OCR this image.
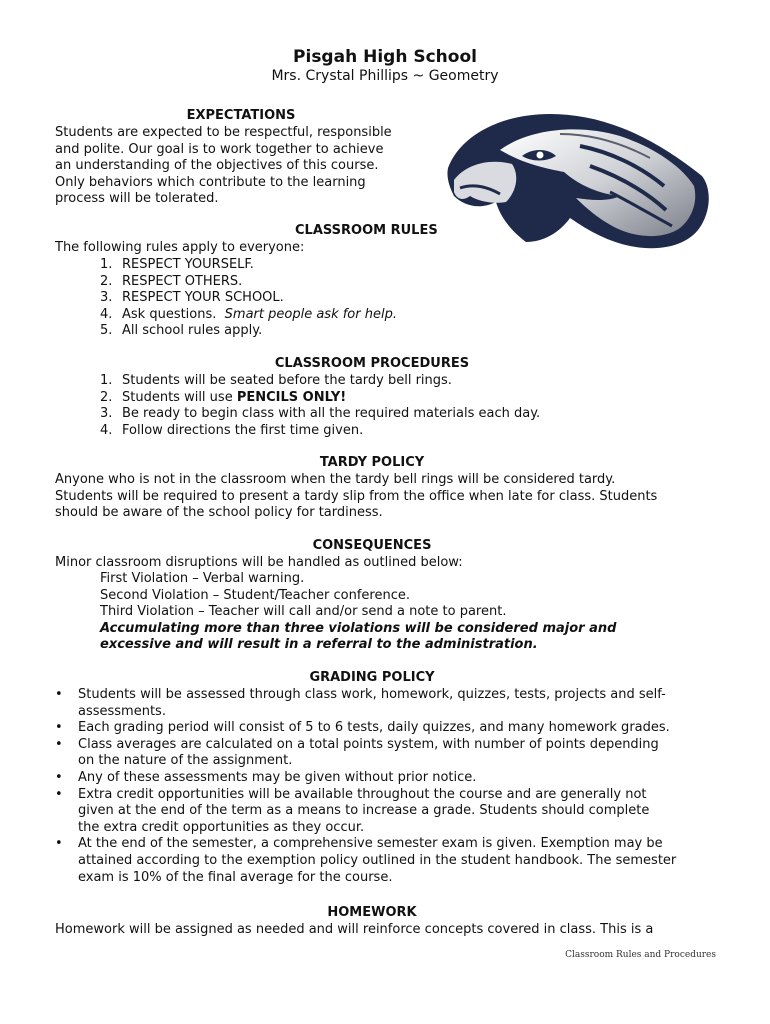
Pisgah High School
Mrs. Crystal Phillips ~ Geometry
EXPECTATIONS
Students are expected to be respectful, responsible
and polite. Our goal is to work together to achieve
an understanding of the objectives of this course.
Only behaviors which contribute to the learning
process will be tolerated.
CLASSROOM RULES
The following rules apply to everyone:
1. RESPECT YOURSELF.
2. RESPECT OTHERS.
3. RESPECT YOUR SCHOOL.
4. Ask questions. Smart people ask for help.
5. All school rules apply.
CLASSROOM PROCEDURES
1. Students will be seated before the tardy bell rings.
2. Students will use PENCILS ONLY!
3. Be ready to begin class with all the required materials each day.
4. Follow directions the first time given.
TARDY POLICY
Anyone who is not in the classroom when the tardy bell rings will be considered tardy.
Students will be required to present a tardy slip from the office when late for class. Students
should be aware of the school policy for tardiness.
CONSEQUENCES
Minor classroom disruptions will be handled as outlined below:
First Violation – Verbal warning.
Second Violation – Student/Teacher conference.
Third Violation – Teacher will call and/or send a note to parent.
Accumulating more than three violations will be considered major and
excessive and will result in a referral to the administration.
GRADING POLICY
• Students will be assessed through class work, homework, quizzes, tests, projects and self-
assessments.
• Each grading period will consist of 5 to 6 tests, daily quizzes, and many homework grades.
• Class averages are calculated on a total points system, with number of points depending
on the nature of the assignment.
• Any of these assessments may be given without prior notice.
• Extra credit opportunities will be available throughout the course and are generally not
given at the end of the term as a means to increase a grade. Students should complete
the extra credit opportunities as they occur.
• At the end of the semester, a comprehensive semester exam is given. Exemption may be
attained according to the exemption policy outlined in the student handbook. The semester
exam is 10% of the final average for the course.
HOMEWORK
Homework will be assigned as needed and will reinforce concepts covered in class. This is a
Classroom Rules and Procedures
